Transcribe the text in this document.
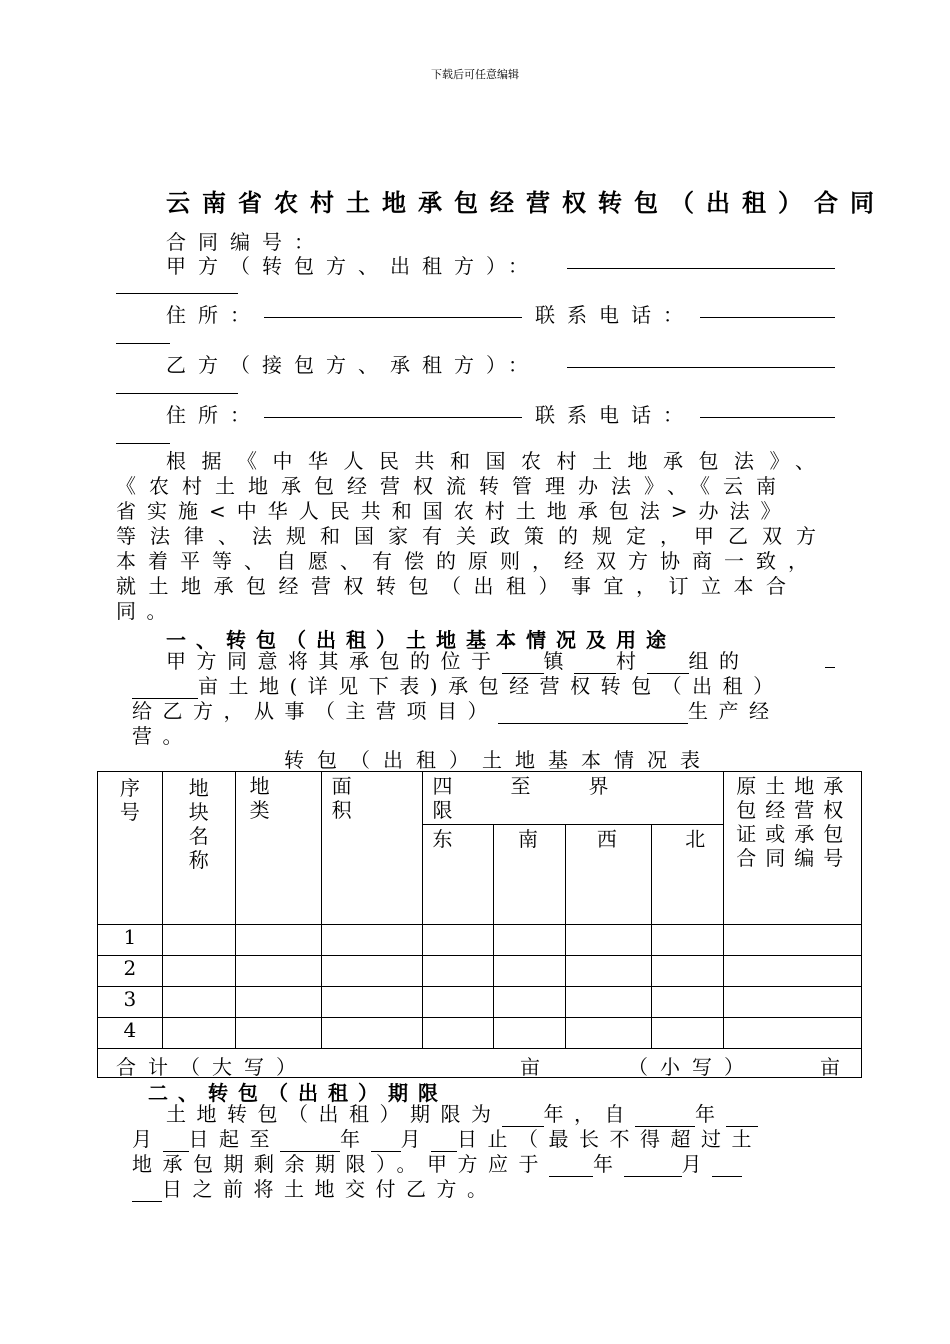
下载后可任意编辑
云南省农村土地承包经营权转包（出租）合同
合同编号：
甲方（转包方、出租方）：
住所：	联系电话：
乙方（接包方、承租方）：
住所：	联系电话：
根据《中华人民共和国农村土地承包法》、
《农村土地承包经营权流转管理办法》、《云南
省实施<中华人民共和国农村土地承包法>办法》
等法律、法规和国家有关政策的规定，甲乙双方
本着平等、自愿、有偿的原则，经双方协商一致，
就土地承包经营权转包（出租）事宜，订立本合
同。
一、转包（出租）土地基本情况及用途
甲方同意将其承包的位于 镇 村 组的
亩土地(详见下表)承包经营权转包（出租）
给乙方，从事（主营项目）	生产经
营。
转包（出租）土地基本情况表
序号	地块名称	地类	面积	四至界限				原土地承包经营权证或承包合同编号

				东	南	西	北	

1								
2								
3								
4								

合计（大写） 亩 （小写） 亩								

二、转包（出租）期限
土地转包（出租）期限为 年，自	年
月 日起至	年 月 日止（最长不得超过土
地承包期剩余期限）。甲方应于 年	月
日之前将土地交付乙方。
